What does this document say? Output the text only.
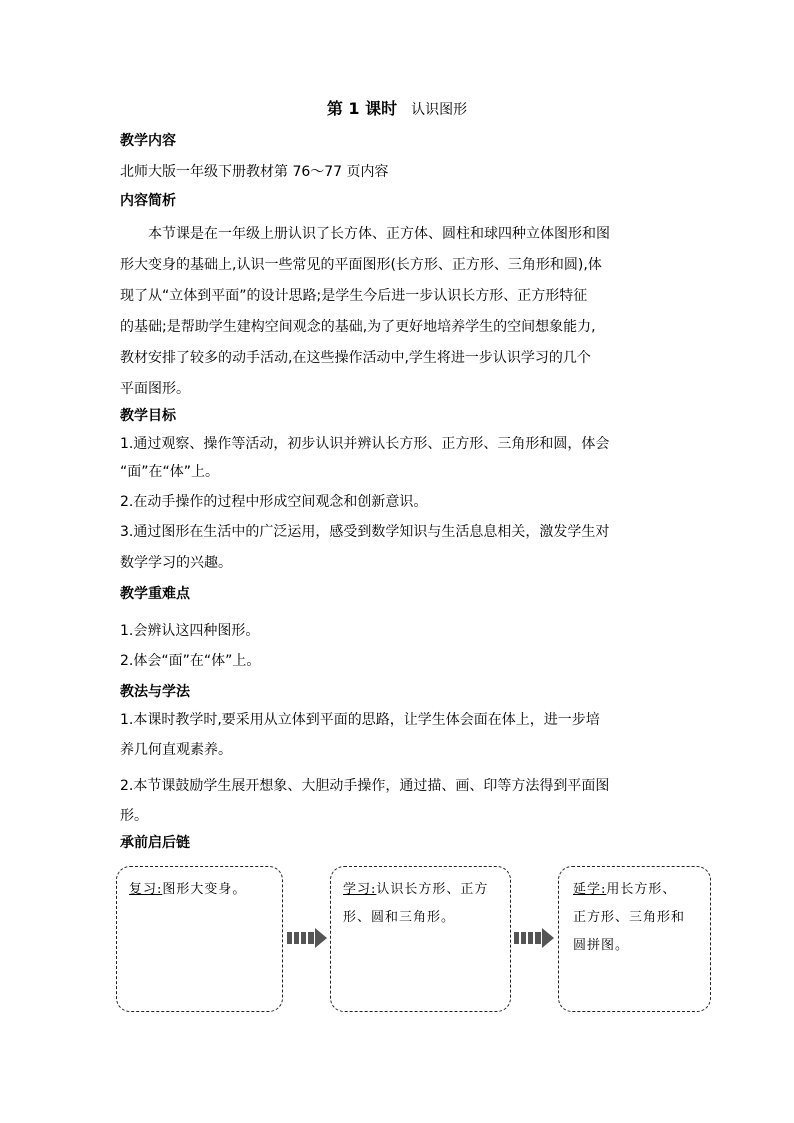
第 1 课时 认识图形
教学内容
北师大版一年级下册教材第 76～77 页内容
内容简析
本节课是在一年级上册认识了长方体、正方体、圆柱和球四种立体图形和图
形大变身的基础上,认识一些常见的平面图形(长方形、正方形、三角形和圆),体
现了从“立体到平面”的设计思路;是学生今后进一步认识长方形、正方形特征
的基础;是帮助学生建构空间观念的基础,为了更好地培养学生的空间想象能力,
教材安排了较多的动手活动,在这些操作活动中,学生将进一步认识学习的几个
平面图形。
教学目标
1.通过观察、操作等活动，初步认识并辨认长方形、正方形、三角形和圆，体会
“面”在“体”上。
2.在动手操作的过程中形成空间观念和创新意识。
3.通过图形在生活中的广泛运用，感受到数学知识与生活息息相关，激发学生对
数学学习的兴趣。
教学重难点
1.会辨认这四种图形。
2.体会“面”在“体”上。
教法与学法
1.本课时教学时,要采用从立体到平面的思路，让学生体会面在体上，进一步培
养几何直观素养。
2.本节课鼓励学生展开想象、大胆动手操作，通过描、画、印等方法得到平面图
形。
承前启后链
复习:图形大变身。	学习:认识长方形、正方
形、圆和三角形。
延学:用长方形、
正方形、三角形和
圆拼图。
